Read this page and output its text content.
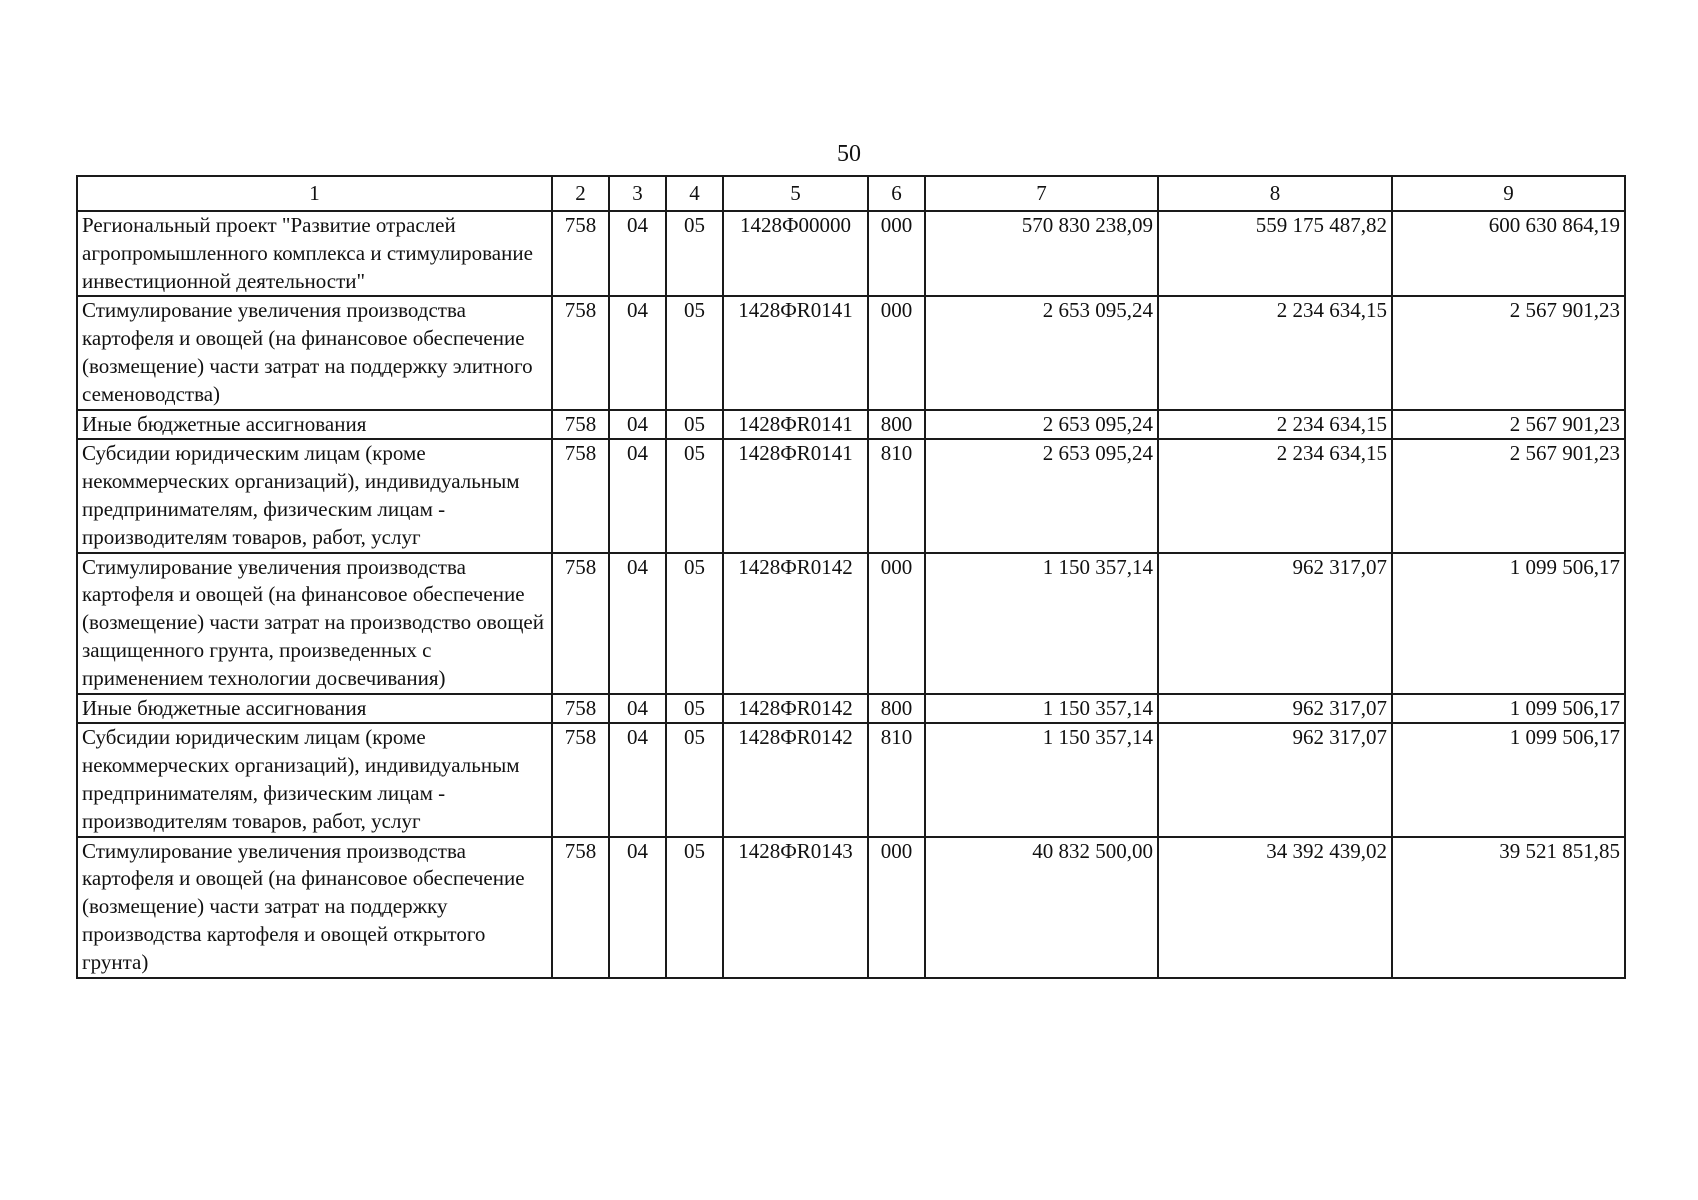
50
1	2	3	4	5	6	7	8	9

Региональный проект "Развитие отраслей агропромышленного комплекса и стимулирование инвестиционной деятельности"	758	04	05	1428Ф00000	000	570 830 238,09	559 175 487,82	600 630 864,19

Стимулирование увеличения производства картофеля и овощей (на финансовое обеспечение (возмещение) части затрат на поддержку элитного семеноводства)	758	04	05	1428ФR0141	000	2 653 095,24	2 234 634,15	2 567 901,23

Иные бюджетные ассигнования	758	04	05	1428ФR0141	800	2 653 095,24	2 234 634,15	2 567 901,23

Субсидии юридическим лицам (кроме некоммерческих организаций), индивидуальным предпринимателям, физическим лицам - производителям товаров, работ, услуг	758	04	05	1428ФR0141	810	2 653 095,24	2 234 634,15	2 567 901,23

Стимулирование увеличения производства картофеля и овощей (на финансовое обеспечение (возмещение) части затрат на производство овощей защищенного грунта, произведенных с применением технологии досвечивания)	758	04	05	1428ФR0142	000	1 150 357,14	962 317,07	1 099 506,17

Иные бюджетные ассигнования	758	04	05	1428ФR0142	800	1 150 357,14	962 317,07	1 099 506,17

Субсидии юридическим лицам (кроме некоммерческих организаций), индивидуальным предпринимателям, физическим лицам - производителям товаров, работ, услуг	758	04	05	1428ФR0142	810	1 150 357,14	962 317,07	1 099 506,17

Стимулирование увеличения производства картофеля и овощей (на финансовое обеспечение (возмещение) части затрат на поддержку производства картофеля и овощей открытого грунта)	758	04	05	1428ФR0143	000	40 832 500,00	34 392 439,02	39 521 851,85
